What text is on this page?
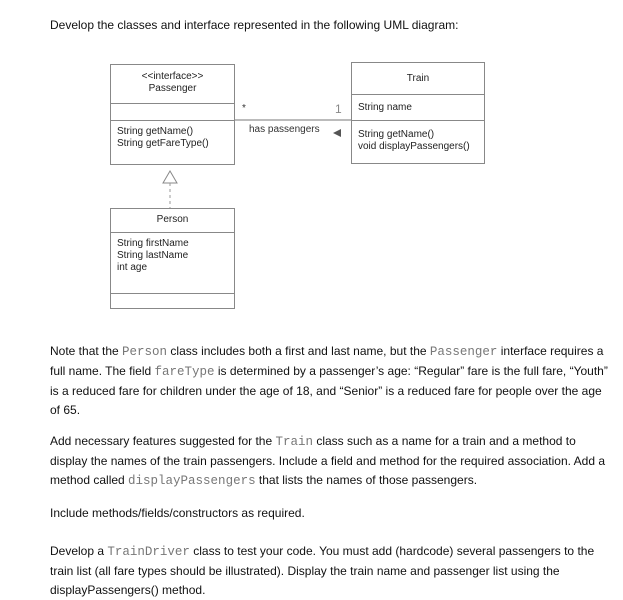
Develop the classes and interface represented in the following UML diagram:

<<interface>>
Passenger
String getName()
String getFareType()
Train
String name
String getName()
void displayPassengers()
Person
String firstName
String lastName
int age
*	1
has passengers

Note that the Person class includes both a first and last name, but the Passenger interface requires a full name. The field fareType is determined by a passenger’s age: “Regular” fare is the full fare, “Youth” is a reduced fare for children under the age of 18, and “Senior” is a reduced fare for people over the age of 65.

Add necessary features suggested for the Train class such as a name for a train and a method to display the names of the train passengers. Include a field and method for the required association. Add a method called displayPassengers that lists the names of those passengers.

Include methods/fields/constructors as required.

Develop a TrainDriver class to test your code. You must add (hardcode) several passengers to the train list (all fare types should be illustrated). Display the train name and passenger list using the displayPassengers() method.
